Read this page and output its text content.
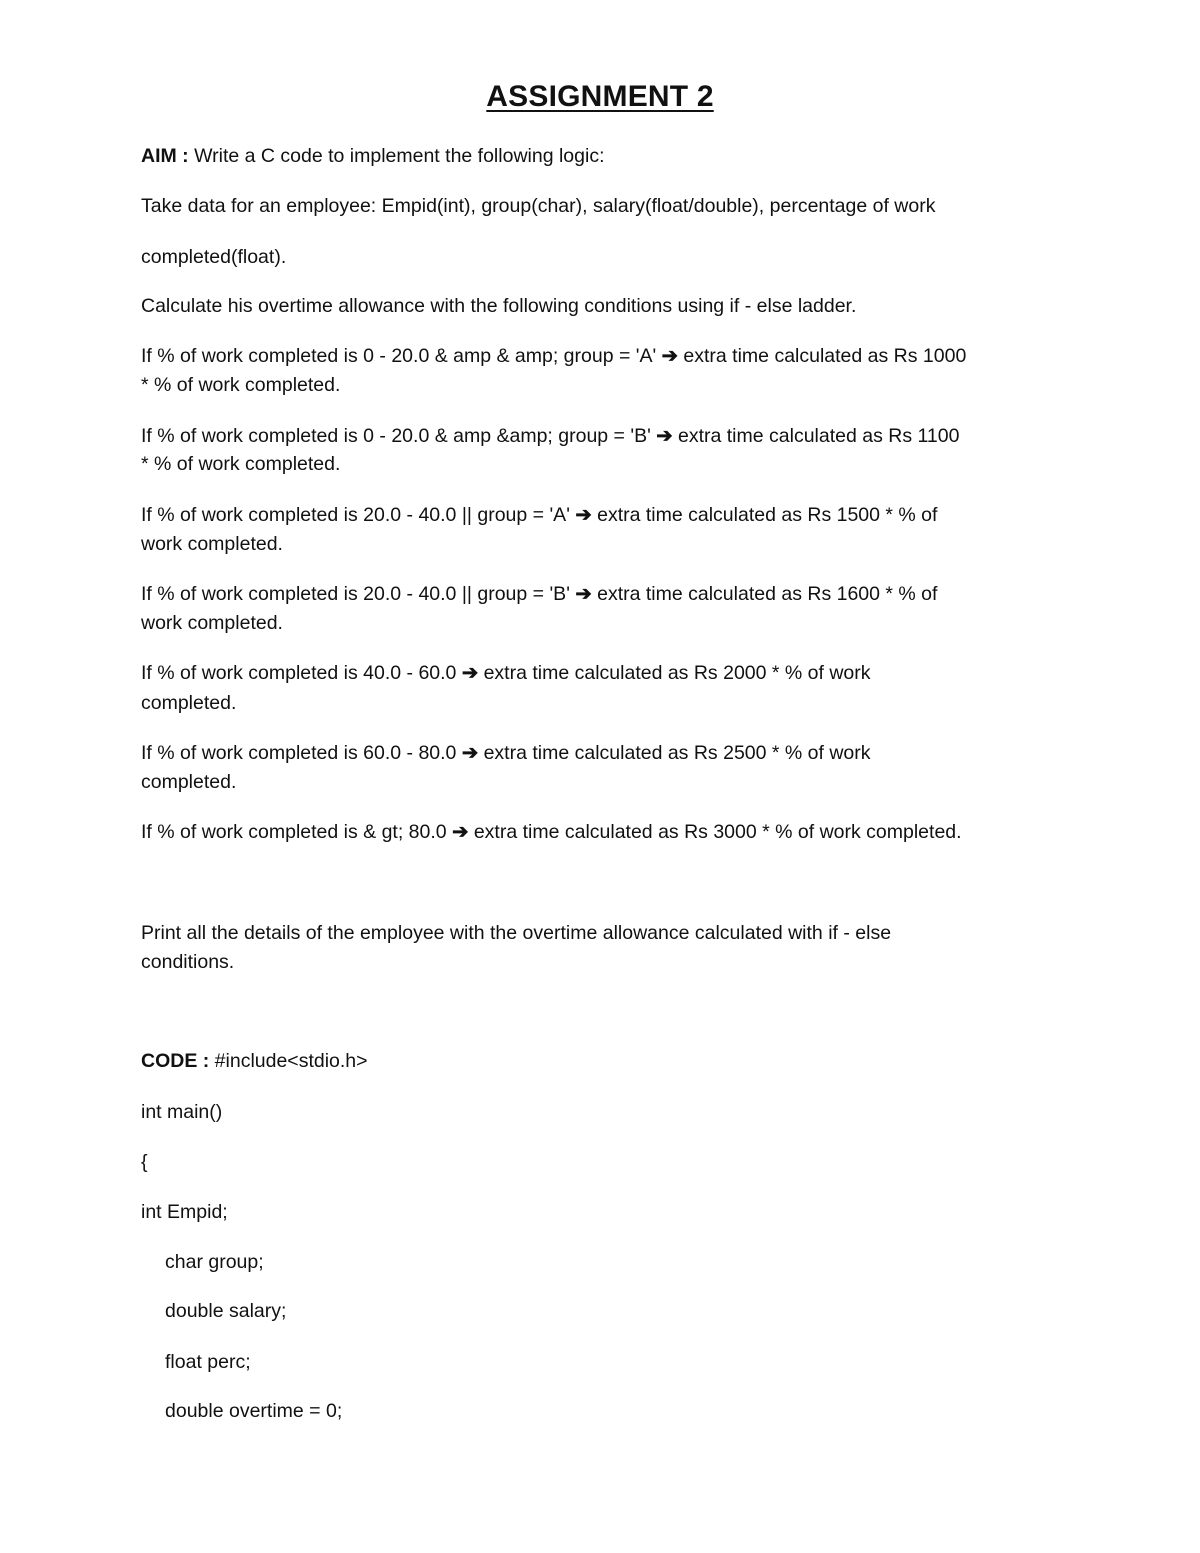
ASSIGNMENT 2
AIM : Write a C code to implement the following logic:
Take data for an employee: Empid(int), group(char), salary(float/double), percentage of work
completed(float).
Calculate his overtime allowance with the following conditions using if - else ladder.
If % of work completed is 0 - 20.0 & amp & amp; group = 'A' ➔ extra time calculated as Rs 1000
* % of work completed.
If % of work completed is 0 - 20.0 & amp &amp; group = 'B' ➔ extra time calculated as Rs 1100
* % of work completed.
If % of work completed is 20.0 - 40.0 || group = 'A' ➔ extra time calculated as Rs 1500 * % of
work completed.
If % of work completed is 20.0 - 40.0 || group = 'B' ➔ extra time calculated as Rs 1600 * % of
work completed.
If % of work completed is 40.0 - 60.0 ➔ extra time calculated as Rs 2000 * % of work
completed.
If % of work completed is 60.0 - 80.0 ➔ extra time calculated as Rs 2500 * % of work
completed.
If % of work completed is & gt; 80.0 ➔ extra time calculated as Rs 3000 * % of work completed.
Print all the details of the employee with the overtime allowance calculated with if - else
conditions.
CODE : #include<stdio.h>
int main()
{
int Empid;
char group;
double salary;
float perc;
double overtime = 0;
